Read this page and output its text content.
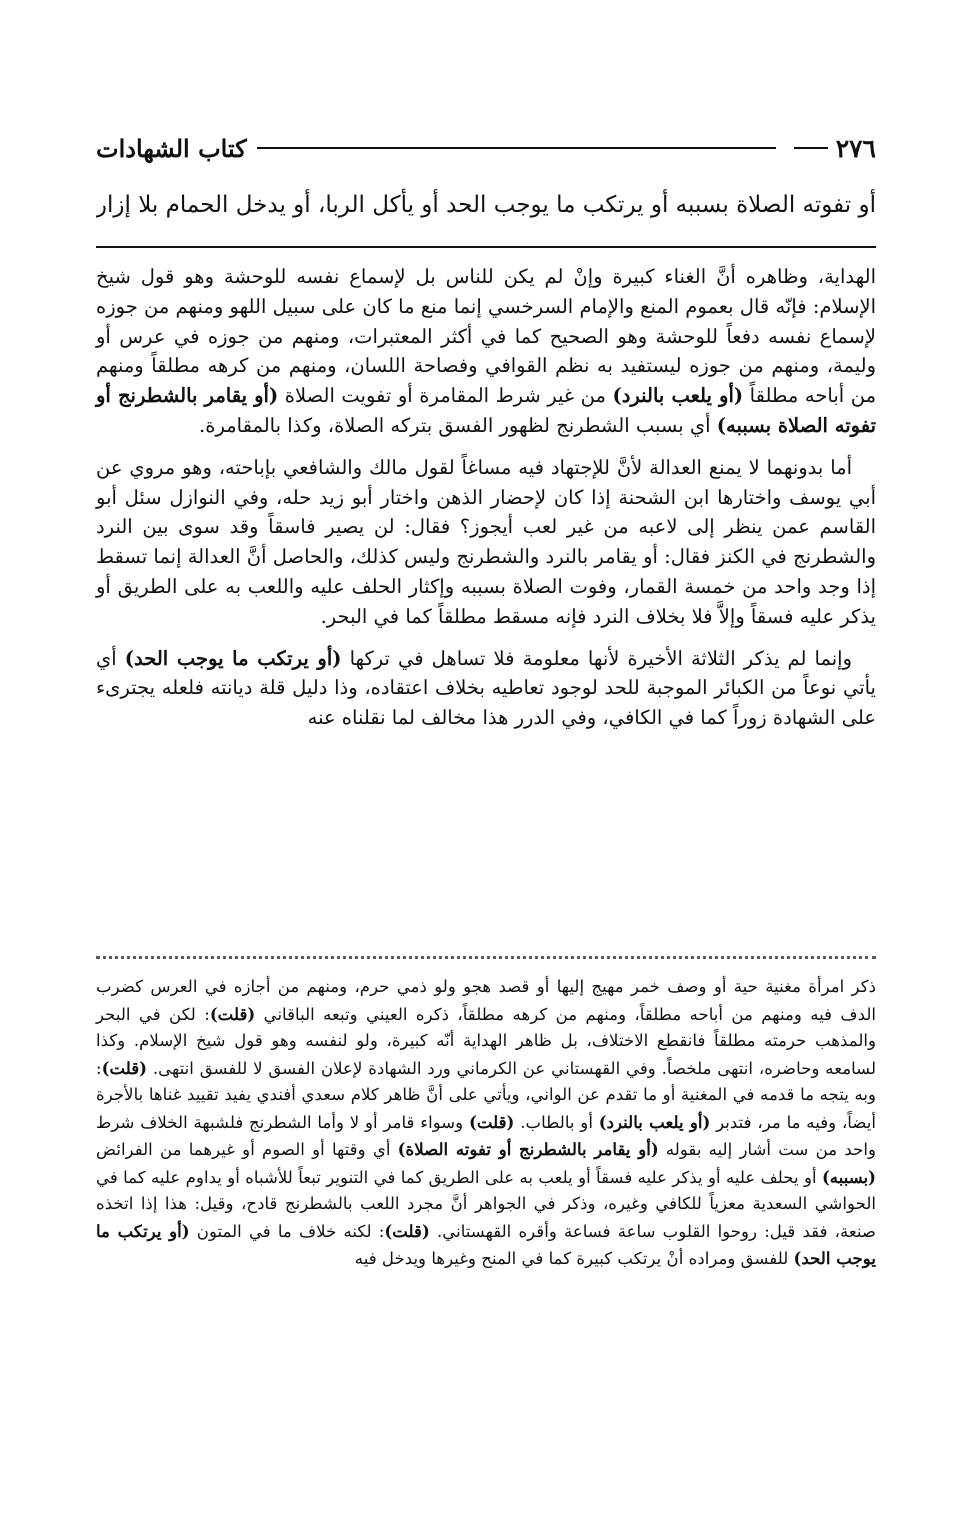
٢٧٦
كتاب الشهادات
أو تفوته الصلاة بسببه أو يرتكب ما يوجب الحد أو يأكل الربا، أو يدخل الحمام بلا إزار

الهداية، وظاهره أنَّ الغناء كبيرة وإنْ لم يكن للناس بل لإسماع نفسه للوحشة وهو قول شيخ الإسلام: فإنّه قال بعموم المنع والإمام السرخسي إنما منع ما كان على سبيل اللهو ومنهم من جوزه لإسماع نفسه دفعاً للوحشة وهو الصحيح كما في أكثر المعتبرات، ومنهم من جوزه في عرس أو وليمة، ومنهم من جوزه ليستفيد به نظم القوافي وفصاحة اللسان، ومنهم من كرهه مطلقاً ومنهم من أباحه مطلقاً (أو يلعب بالنرد) من غير شرط المقامرة أو تفويت الصلاة (أو يقامر بالشطرنج أو تفوته الصلاة بسببه) أي بسبب الشطرنج لظهور الفسق بتركه الصلاة، وكذا بالمقامرة.

أما بدونهما لا يمنع العدالة لأنَّ للإجتهاد فيه مساغاً لقول مالك والشافعي بإباحته، وهو مروي عن أبي يوسف واختارها ابن الشحنة إذا كان لإحضار الذهن واختار أبو زيد حله، وفي النوازل سئل أبو القاسم عمن ينظر إلى لاعبه من غير لعب أيجوز؟ فقال: لن يصير فاسقاً وقد سوى بين النرد والشطرنج في الكنز فقال: أو يقامر بالنرد والشطرنج وليس كذلك، والحاصل أنَّ العدالة إنما تسقط إذا وجد واحد من خمسة القمار، وفوت الصلاة بسببه وإكثار الحلف عليه واللعب به على الطريق أو يذكر عليه فسقاً وإلاَّ فلا بخلاف النرد فإنه مسقط مطلقاً كما في البحر.

وإنما لم يذكر الثلاثة الأخيرة لأنها معلومة فلا تساهل في تركها (أو يرتكب ما يوجب الحد) أي يأتي نوعاً من الكبائر الموجبة للحد لوجود تعاطيه بخلاف اعتقاده، وذا دليل قلة ديانته فلعله يجترىء على الشهادة زوراً كما في الكافي، وفي الدرر هذا مخالف لما نقلناه عنه

ذكر امرأة مغنية حية أو وصف خمر مهيج إليها أو قصد هجو ولو ذمي حرم، ومنهم من أجازه في العرس كضرب الدف فيه ومنهم من أباحه مطلقاً، ومنهم من كرهه مطلقاً، ذكره العيني وتبعه الباقاني (قلت): لكن في البحر والمذهب حرمته مطلقاً فانقطع الاختلاف، بل ظاهر الهداية أنّه كبيرة، ولو لنفسه وهو قول شيخ الإسلام. وكذا لسامعه وحاضره، انتهى ملخصاً. وفي القهستاني عن الكرماني ورد الشهادة لإعلان الفسق لا للفسق انتهى. (قلت): وبه يتجه ما قدمه في المغنية أو ما تقدم عن الواني، ويأتي على أنَّ ظاهر كلام سعدي أفندي يفيد تقييد غناها بالأجرة أيضاً، وفيه ما مر، فتدبر (أو يلعب بالنرد) أو بالطاب. (قلت) وسواء قامر أو لا وأما الشطرنج فلشبهة الخلاف شرط واحد من ست أشار إليه بقوله (أو يقامر بالشطرنج أو تفوته الصلاة) أي وقتها أو الصوم أو غيرهما من الفرائض (بسببه) أو يحلف عليه أو يذكر عليه فسقاً أو يلعب به على الطريق كما في التنوير تبعاً للأشباه أو يداوم عليه كما في الحواشي السعدية معزياً للكافي وغيره، وذكر في الجواهر أنَّ مجرد اللعب بالشطرنج قادح، وقيل: هذا إذا اتخذه صنعة، فقد قيل: روحوا القلوب ساعة فساعة وأقره القهستاني. (قلت): لكنه خلاف ما في المتون (أو يرتكب ما يوجب الحد) للفسق ومراده أنْ يرتكب كبيرة كما في المنح وغيرها ويدخل فيه
